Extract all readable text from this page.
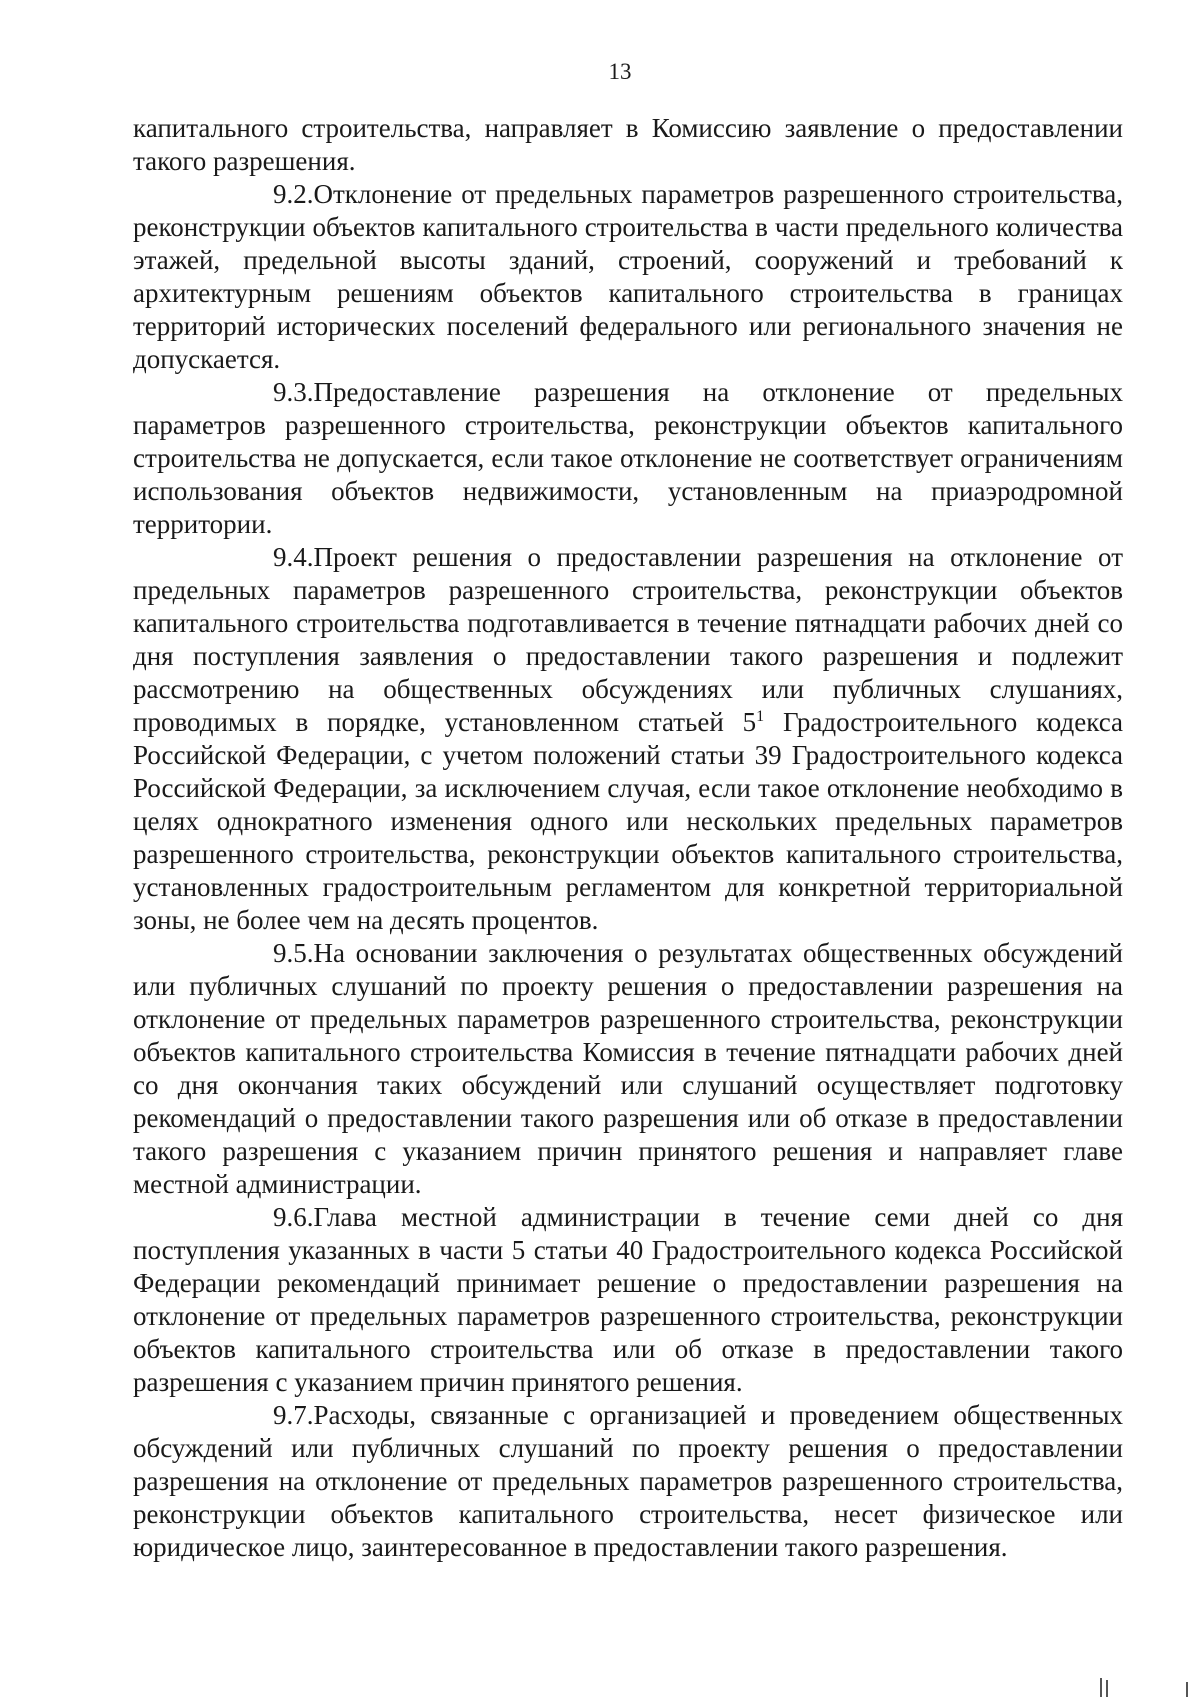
13

капитального строительства, направляет в Комиссию заявление о предоставлении такого разрешения.

9.2.Отклонение от предельных параметров разрешенного строительства, реконструкции объектов капитального строительства в части предельного количества этажей, предельной высоты зданий, строений, сооружений и требований к архитектурным решениям объектов капитального строительства в границах территорий исторических поселений федерального или регионального значения не допускается.

9.3.Предоставление разрешения на отклонение от предельных параметров разрешенного строительства, реконструкции объектов капитального строительства не допускается, если такое отклонение не соответствует ограничениям использования объектов недвижимости, установленным на приаэродромной территории.

9.4.Проект решения о предоставлении разрешения на отклонение от предельных параметров разрешенного строительства, реконструкции объектов капитального строительства подготавливается в течение пятнадцати рабочих дней со дня поступления заявления о предоставлении такого разрешения и подлежит рассмотрению на общественных обсуждениях или публичных слушаниях, проводимых в порядке, установленном статьей $5^1$ Градостроительного кодекса Российской Федерации, с учетом положений статьи 39 Градостроительного кодекса Российской Федерации, за исключением случая, если такое отклонение необходимо в целях однократного изменения одного или нескольких предельных параметров разрешенного строительства, реконструкции объектов капитального строительства, установленных градостроительным регламентом для конкретной территориальной зоны, не более чем на десять процентов.

9.5.На основании заключения о результатах общественных обсуждений или публичных слушаний по проекту решения о предоставлении разрешения на отклонение от предельных параметров разрешенного строительства, реконструкции объектов капитального строительства Комиссия в течение пятнадцати рабочих дней со дня окончания таких обсуждений или слушаний осуществляет подготовку рекомендаций о предоставлении такого разрешения или об отказе в предоставлении такого разрешения с указанием причин принятого решения и направляет главе местной администрации.

9.6.Глава местной администрации в течение семи дней со дня поступления указанных в части 5 статьи 40 Градостроительного кодекса Российской Федерации рекомендаций принимает решение о предоставлении разрешения на отклонение от предельных параметров разрешенного строительства, реконструкции объектов капитального строительства или об отказе в предоставлении такого разрешения с указанием причин принятого решения.

9.7.Расходы, связанные с организацией и проведением общественных обсуждений или публичных слушаний по проекту решения о предоставлении разрешения на отклонение от предельных параметров разрешенного строительства, реконструкции объектов капитального строительства, несет физическое или юридическое лицо, заинтересованное в предоставлении такого разрешения.
